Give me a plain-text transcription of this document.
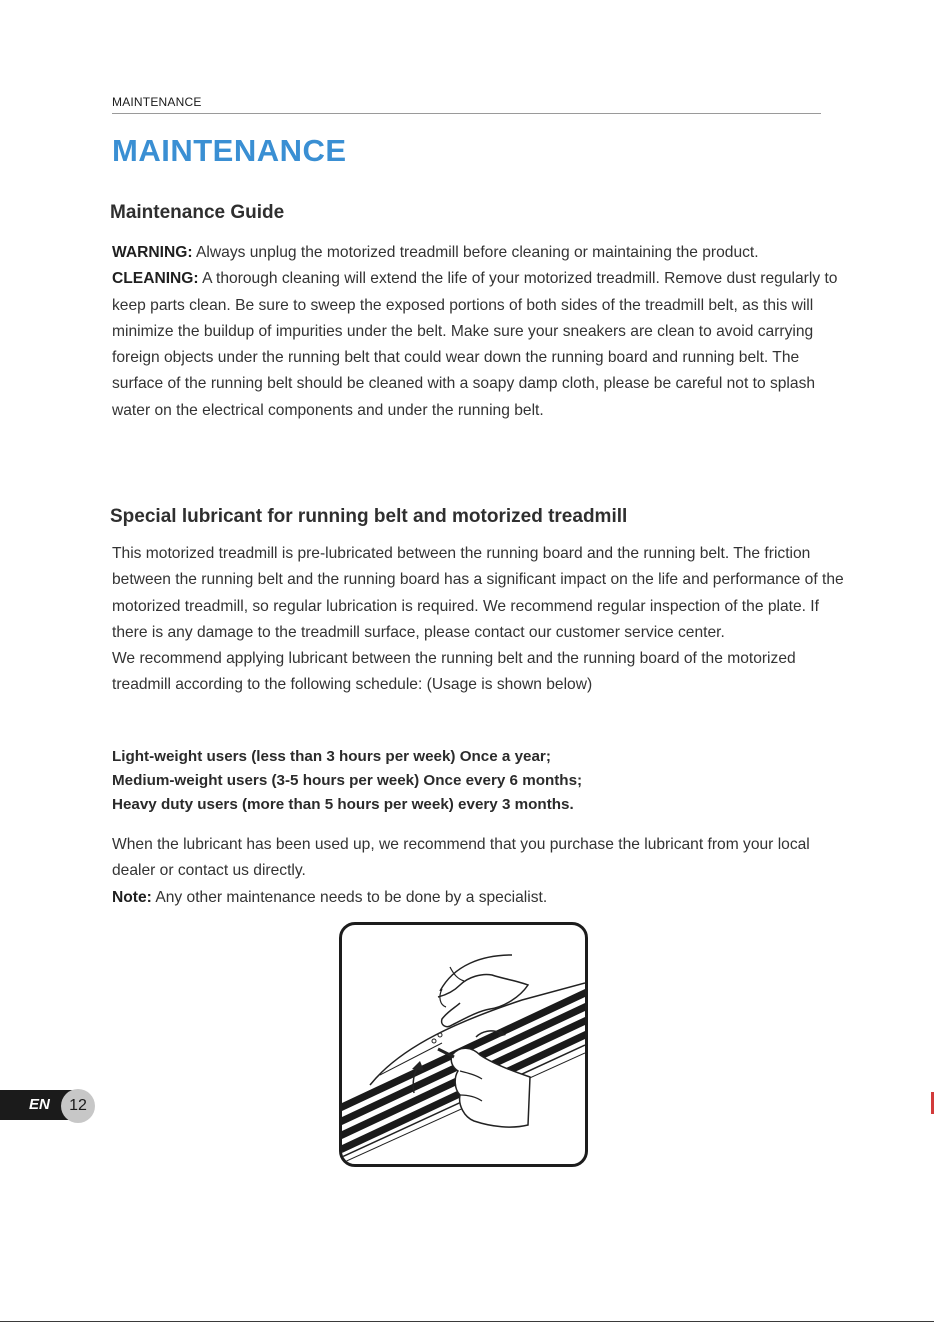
MAINTENANCE
MAINTENANCE
Maintenance Guide

WARNING: Always unplug the motorized treadmill before cleaning or maintaining the product.

CLEANING: A thorough cleaning will extend the life of your motorized treadmill. Remove dust regularly to keep parts clean. Be sure to sweep the exposed portions of both sides of the treadmill belt, as this will minimize the buildup of impurities under the belt. Make sure your sneakers are clean to avoid carrying foreign objects under the running belt that could wear down the running board and running belt. The surface of the running belt should be cleaned with a soapy damp cloth, please be careful not to splash water on the electrical components and under the running belt.

Special lubricant for running belt and motorized treadmill

This motorized treadmill is pre-lubricated between the running board and the running belt. The friction between the running belt and the running board has a significant impact on the life and performance of the motorized treadmill, so regular lubrication is required. We recommend regular inspection of the plate. If there is any damage to the treadmill surface, please contact our customer service center.

We recommend applying lubricant between the running belt and the running board of the motorized treadmill according to the following schedule: (Usage is shown below)

Light-weight users (less than 3 hours per week) Once a year;

Medium-weight users (3-5 hours per week) Once every 6 months;

Heavy duty users (more than 5 hours per week) every 3 months.

When the lubricant has been used up, we recommend that you purchase the lubricant from your local dealer or contact us directly.

Note: Any other maintenance needs to be done by a specialist.

EN	12
